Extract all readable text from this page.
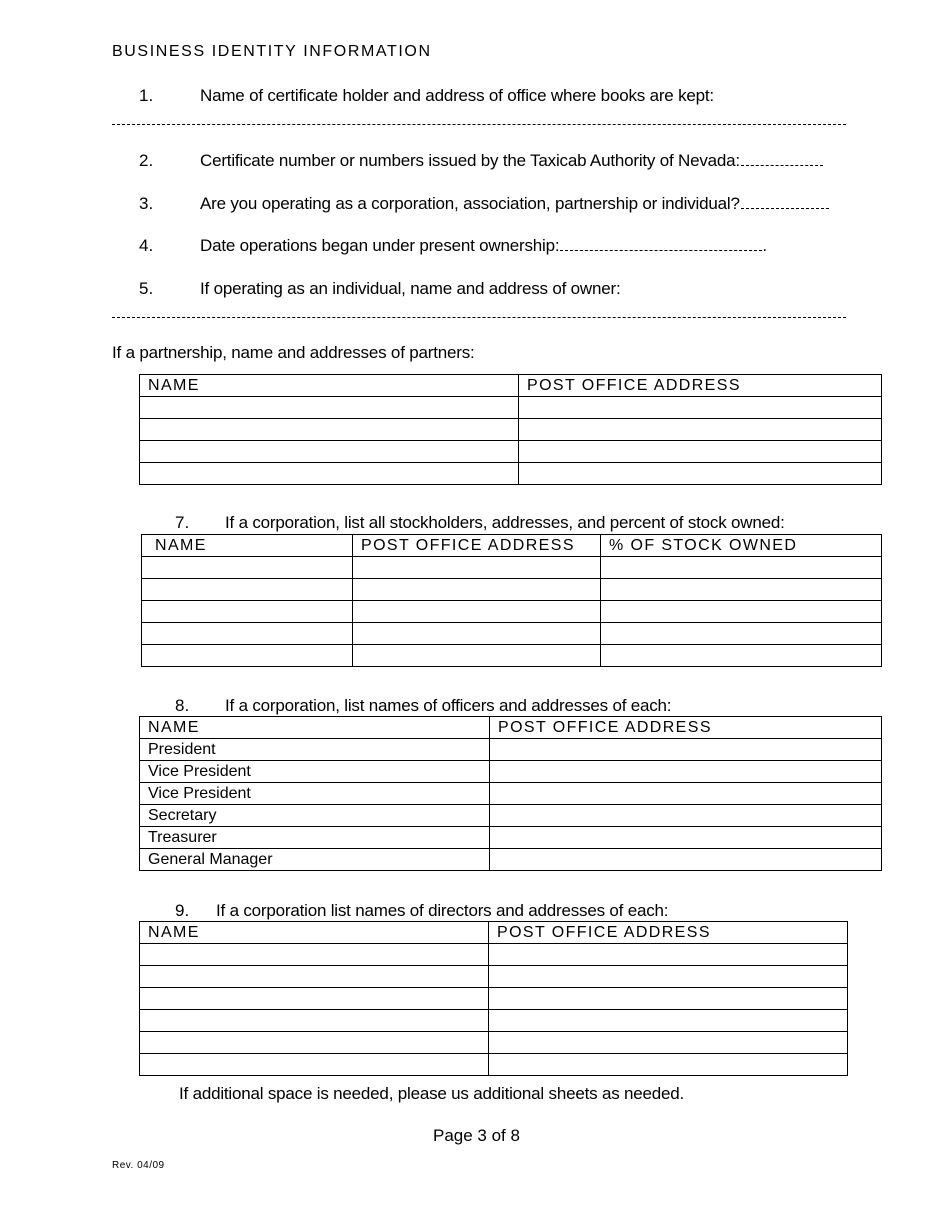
BUSINESS IDENTITY INFORMATION
1.	Name of certificate holder and address of office where books are kept:
2.	Certificate number or numbers issued by the Taxicab Authority of Nevada:
3.	Are you operating as a corporation, association, partnership or individual?
4.	Date operations began under present ownership:	.
5.	If operating as an individual, name and address of owner:
If a partnership, name and addresses of partners:
NAME	POST OFFICE ADDRESS

7. If a corporation, list all stockholders, addresses, and percent of stock owned:
NAME	POST OFFICE ADDRESS	% OF STOCK OWNED

8. If a corporation, list names of officers and addresses of each:
NAME	POST OFFICE ADDRESS
President	
Vice President	
Vice President	
Secretary	
Treasurer	
General Manager	
9. If a corporation list names of directors and addresses of each:
NAME	POST OFFICE ADDRESS

If additional space is needed, please us additional sheets as needed.
Page 3 of 8
Rev. 04/09
